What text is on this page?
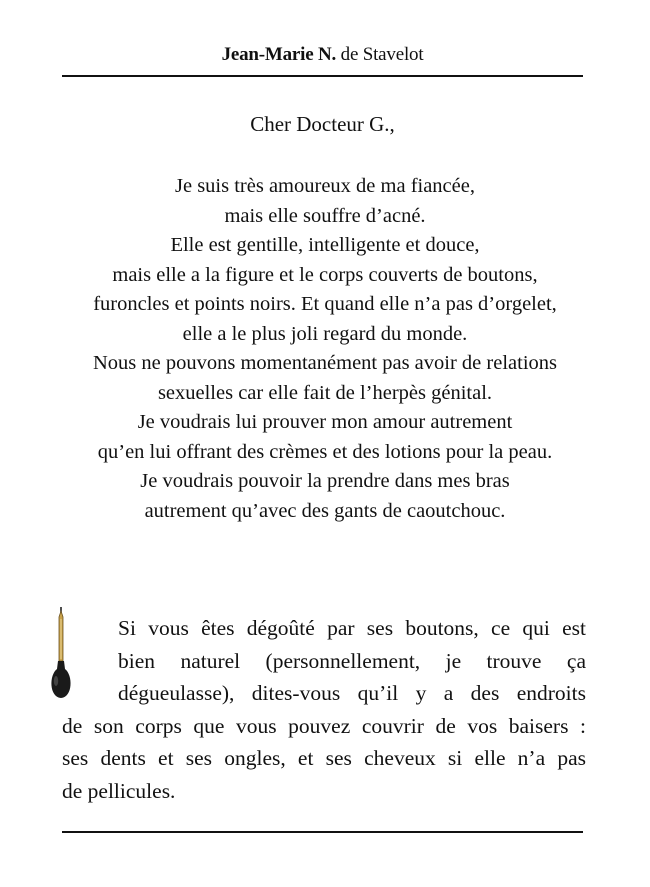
Jean-Marie N. de Stavelot
Cher Docteur G.,
Je suis très amoureux de ma fiancée,
mais elle souffre d’acné.
Elle est gentille, intelligente et douce,
mais elle a la figure et le corps couverts de boutons,
furoncles et points noirs. Et quand elle n’a pas d’orgelet,
elle a le plus joli regard du monde.
Nous ne pouvons momentanément pas avoir de relations
sexuelles car elle fait de l’herpès génital.
Je voudrais lui prouver mon amour autrement
qu’en lui offrant des crèmes et des lotions pour la peau.
Je voudrais pouvoir la prendre dans mes bras
autrement qu’avec des gants de caoutchouc.
Si vous êtes dégoûté par ses boutons, ce qui est
bien naturel (personnellement, je trouve ça
dégueulasse), dites-vous qu’il y a des endroits
de son corps que vous pouvez couvrir de vos baisers :
ses dents et ses ongles, et ses cheveux si elle n’a pas
de pellicules.
